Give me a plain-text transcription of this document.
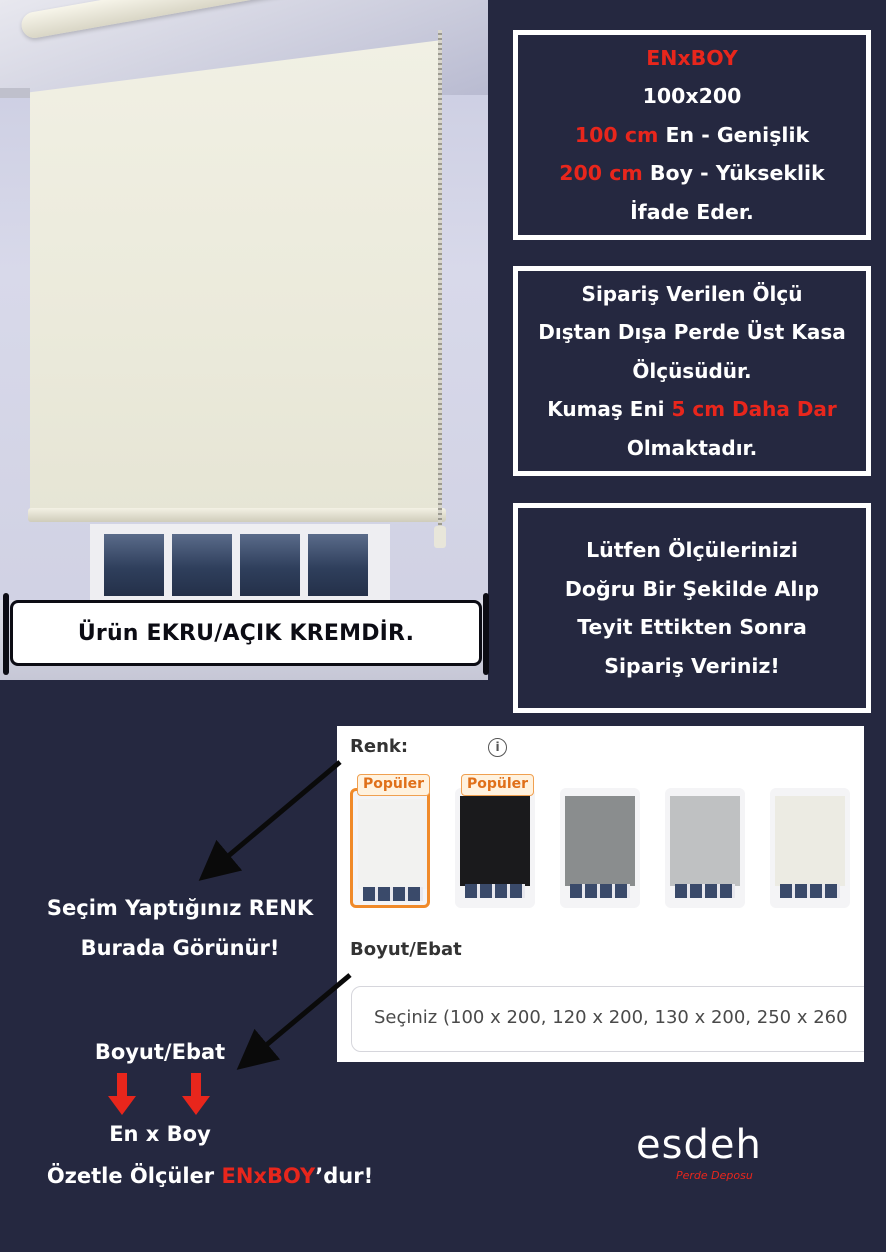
Ürün EKRU/AÇIK KREMDİR.
ENxBOY
100x200
100 cm En - Genişlik
200 cm Boy - Yükseklik
İfade Eder.
Sipariş Verilen Ölçü
Dıştan Dışa Perde Üst Kasa
Ölçüsüdür.
Kumaş Eni 5 cm Daha Dar
Olmaktadır.
Lütfen Ölçülerinizi
Doğru Bir Şekilde Alıp
Teyit Ettikten Sonra
Sipariş Veriniz!
Renk:	i
Popüler	Popüler
Boyut/Ebat
Seçiniz (100 x 200, 120 x 200, 130 x 200, 250 x 260
Seçim Yaptığınız RENK
Burada Görünür!
Boyut/Ebat
En x Boy
Özetle Ölçüler ENxBOY’dur!
esdeh
Perde Deposu
